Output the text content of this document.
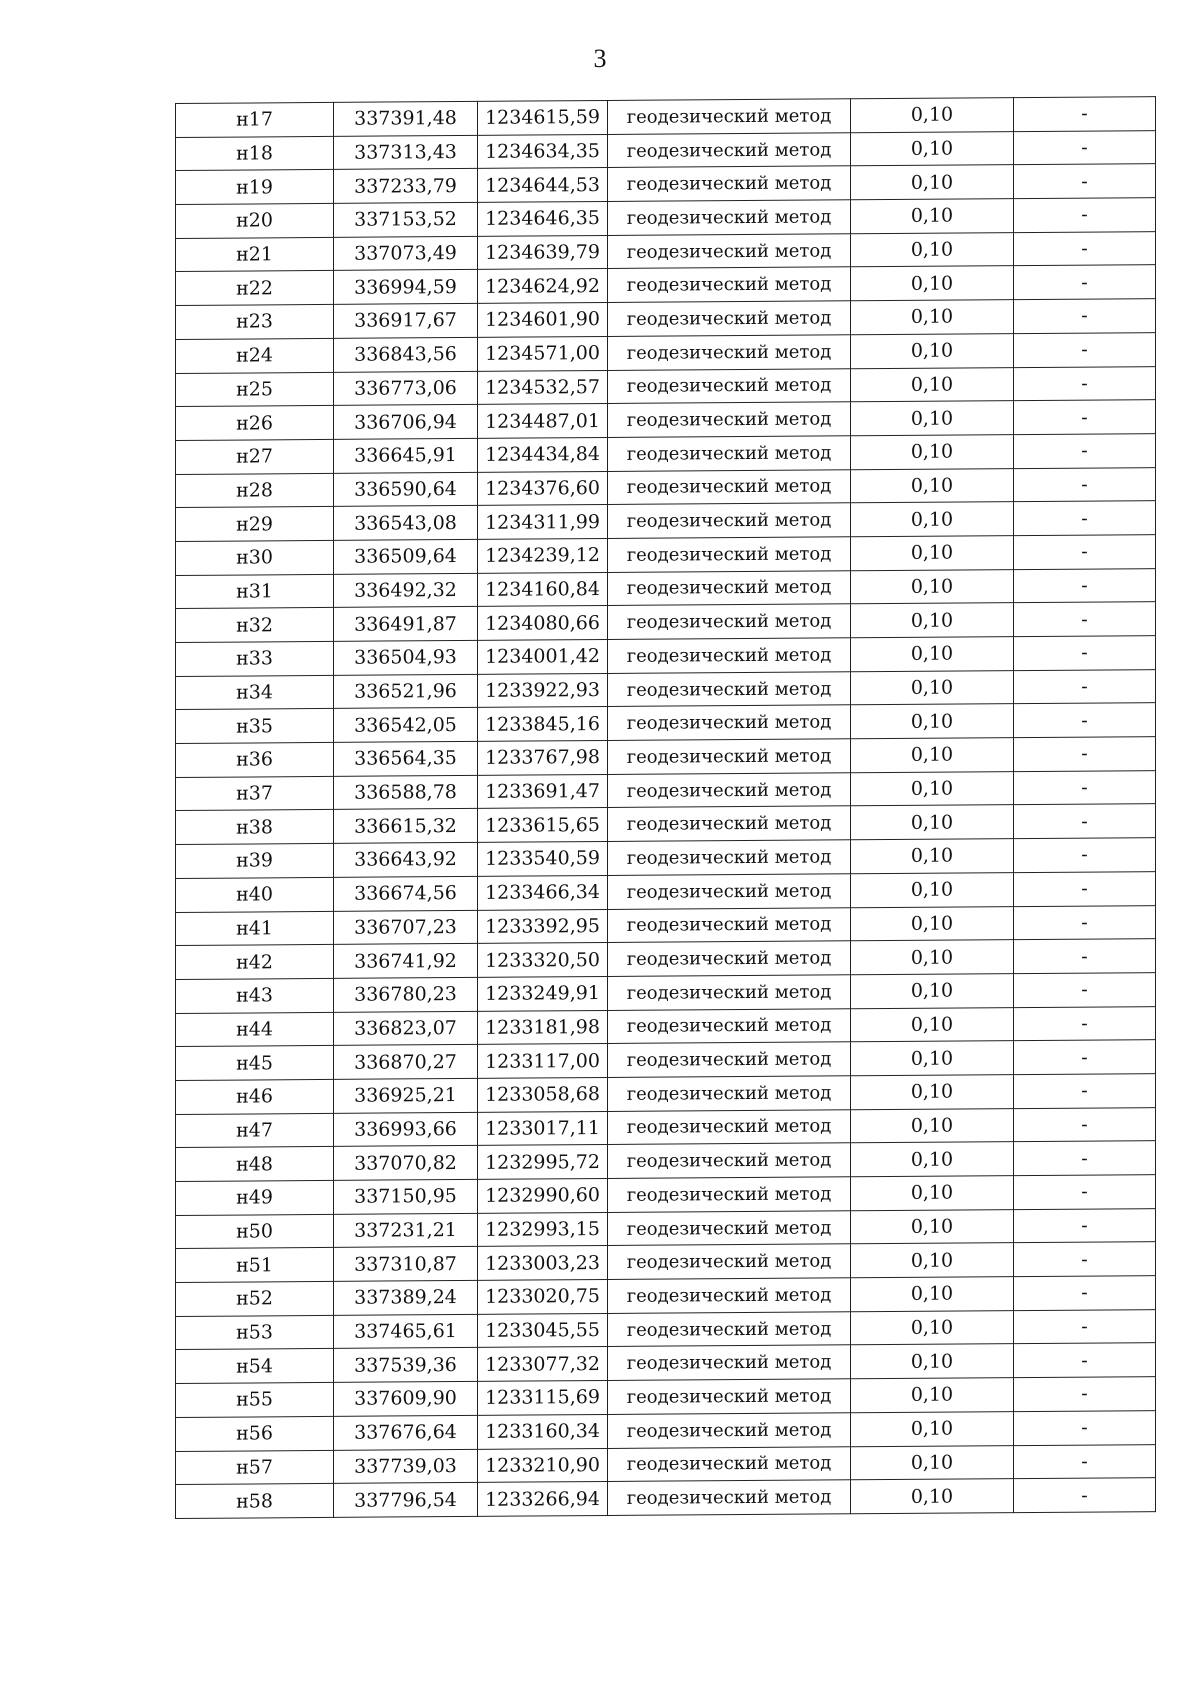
3
н17	337391,48	1234615,59	геодезический метод	0,10	-
н18	337313,43	1234634,35	геодезический метод	0,10	-
н19	337233,79	1234644,53	геодезический метод	0,10	-
н20	337153,52	1234646,35	геодезический метод	0,10	-
н21	337073,49	1234639,79	геодезический метод	0,10	-
н22	336994,59	1234624,92	геодезический метод	0,10	-
н23	336917,67	1234601,90	геодезический метод	0,10	-
н24	336843,56	1234571,00	геодезический метод	0,10	-
н25	336773,06	1234532,57	геодезический метод	0,10	-
н26	336706,94	1234487,01	геодезический метод	0,10	-
н27	336645,91	1234434,84	геодезический метод	0,10	-
н28	336590,64	1234376,60	геодезический метод	0,10	-
н29	336543,08	1234311,99	геодезический метод	0,10	-
н30	336509,64	1234239,12	геодезический метод	0,10	-
н31	336492,32	1234160,84	геодезический метод	0,10	-
н32	336491,87	1234080,66	геодезический метод	0,10	-
н33	336504,93	1234001,42	геодезический метод	0,10	-
н34	336521,96	1233922,93	геодезический метод	0,10	-
н35	336542,05	1233845,16	геодезический метод	0,10	-
н36	336564,35	1233767,98	геодезический метод	0,10	-
н37	336588,78	1233691,47	геодезический метод	0,10	-
н38	336615,32	1233615,65	геодезический метод	0,10	-
н39	336643,92	1233540,59	геодезический метод	0,10	-
н40	336674,56	1233466,34	геодезический метод	0,10	-
н41	336707,23	1233392,95	геодезический метод	0,10	-
н42	336741,92	1233320,50	геодезический метод	0,10	-
н43	336780,23	1233249,91	геодезический метод	0,10	-
н44	336823,07	1233181,98	геодезический метод	0,10	-
н45	336870,27	1233117,00	геодезический метод	0,10	-
н46	336925,21	1233058,68	геодезический метод	0,10	-
н47	336993,66	1233017,11	геодезический метод	0,10	-
н48	337070,82	1232995,72	геодезический метод	0,10	-
н49	337150,95	1232990,60	геодезический метод	0,10	-
н50	337231,21	1232993,15	геодезический метод	0,10	-
н51	337310,87	1233003,23	геодезический метод	0,10	-
н52	337389,24	1233020,75	геодезический метод	0,10	-
н53	337465,61	1233045,55	геодезический метод	0,10	-
н54	337539,36	1233077,32	геодезический метод	0,10	-
н55	337609,90	1233115,69	геодезический метод	0,10	-
н56	337676,64	1233160,34	геодезический метод	0,10	-
н57	337739,03	1233210,90	геодезический метод	0,10	-
н58	337796,54	1233266,94	геодезический метод	0,10	-
